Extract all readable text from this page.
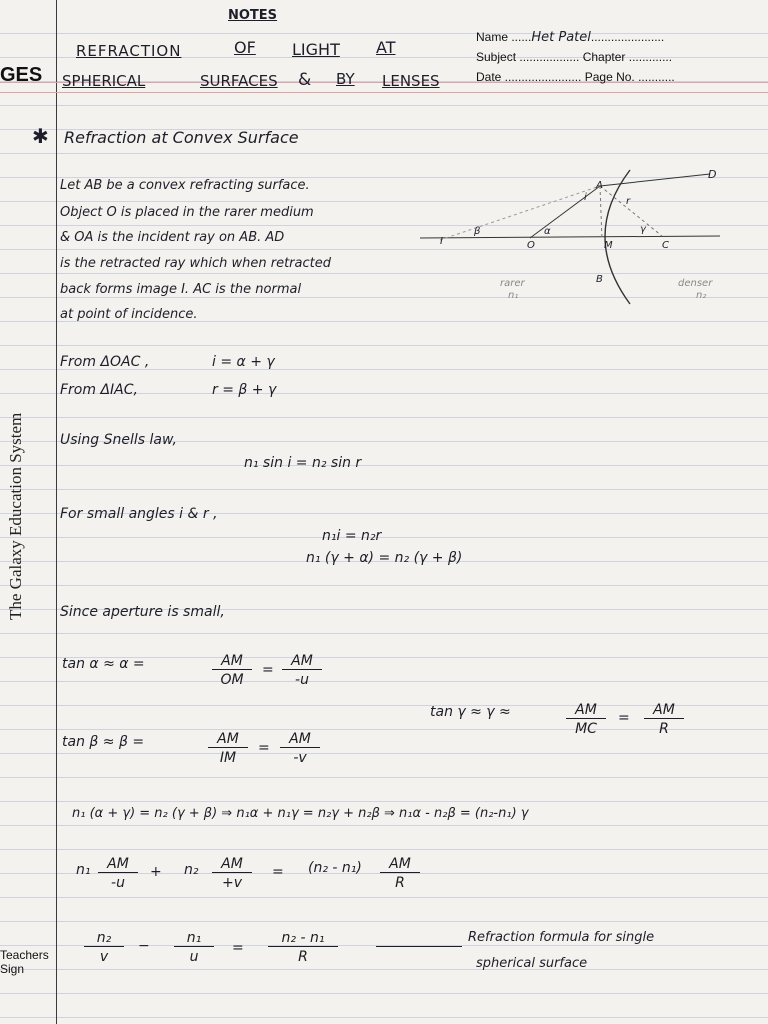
GES
The Galaxy Education System
Teachers
Sign
Name ......Het Patel......................
Subject .................. Chapter .............
Date ....................... Page No. ...........
NOTES
REFRACTION	OF LIGHT AT
SPHERICAL	SURFACES & BY LENSES
✱ Refraction at Convex Surface
Let AB be a convex refracting surface.
Object O is placed in the rarer medium
& OA is the incident ray on AB. AD
is the retracted ray which when retracted
back forms image I. AC is the normal
at point of incidence.
D
A
i	r
I
β	α	γ
O	M	C
B
rarer
n₁
denser
n₂
From ΔOAC ,	i = α + γ
From ΔIAC,	r = β + γ
Using Snells law,
n₁ sin i = n₂ sin r
For small angles i & r ,
n₁i = n₂r
n₁ (γ + α) = n₂ (γ + β)
Since aperture is small,
tan α ≈ α =	$\frac{AM}{OM} = \frac{AM}{-u}$
tan γ ≈ γ ≈	$\frac{AM}{MC} = \frac{AM}{R}$
tan β ≈ β =	$\frac{AM}{IM} = \frac{AM}{-v}$
n₁ (α + γ) = n₂ (γ + β) ⇒ n₁α + n₁γ = n₂γ + n₂β ⇒ n₁α - n₂β = (n₂-n₁) γ
$n_1 \frac{AM}{-u} + n_2 \frac{AM}{+v} = (n_2 - n_1) \frac{AM}{R}$
$\frac{\text{n₂}}{v} - \frac{\text{n₁}}{u} = \frac{\text{n₂ - n₁}}{R}$	Refraction formula for single
spherical surface
